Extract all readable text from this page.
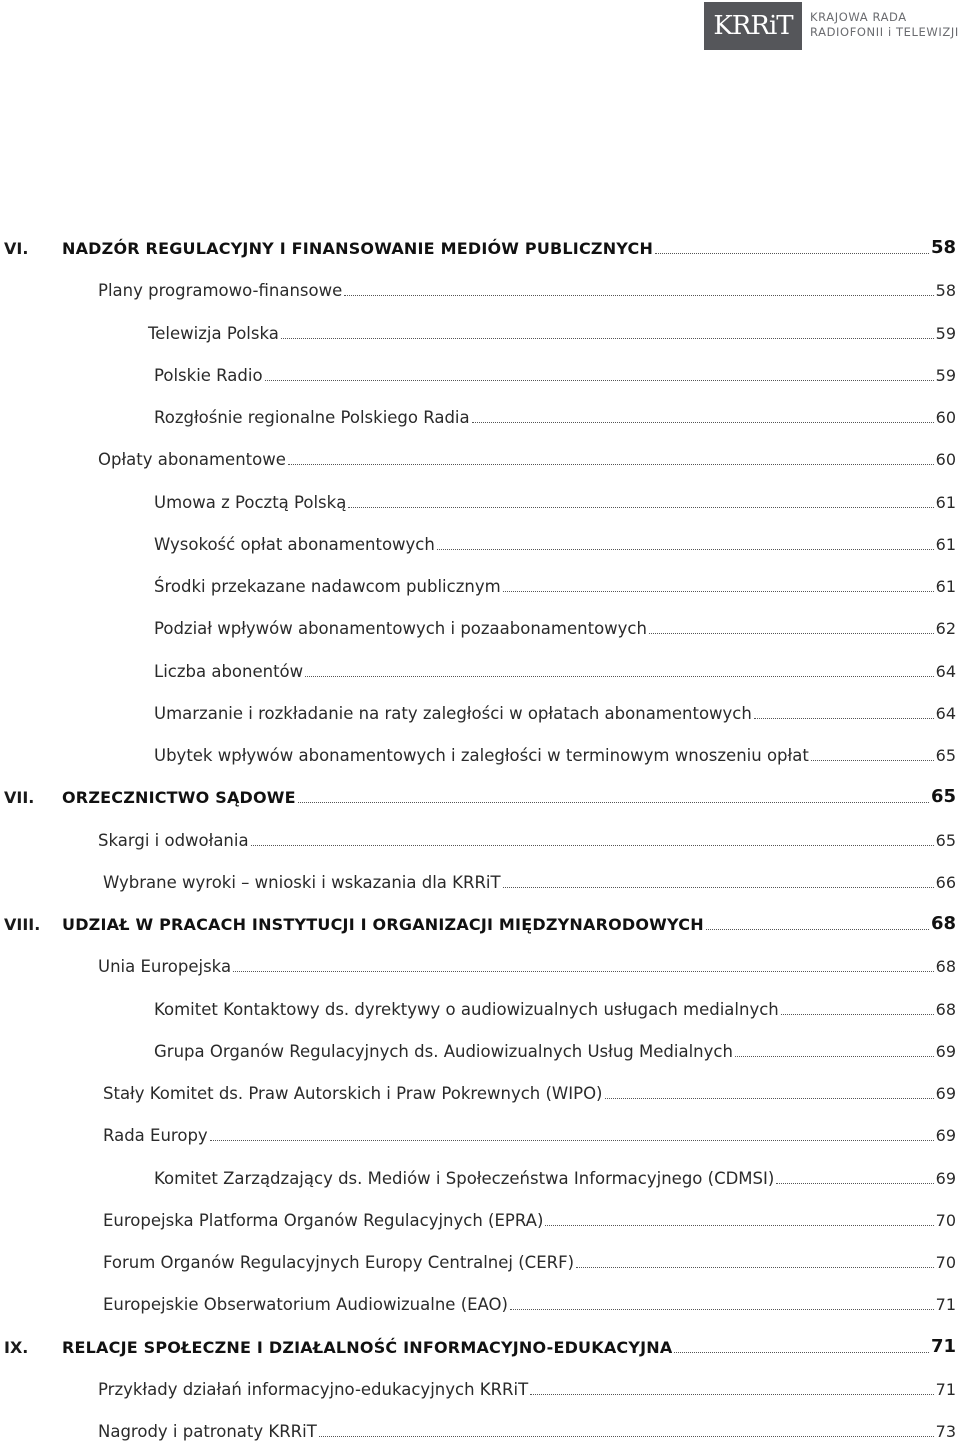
KRRiT	KRAJOWA RADA
RADIOFONII i TELEWIZJI
VI. NADZÓR REGULACYJNY I FINANSOWANIE MEDIÓW PUBLICZNYCH	58
Plany programowo-finansowe	58
Telewizja Polska	59
Polskie Radio	59
Rozgłośnie regionalne Polskiego Radia	60
Opłaty abonamentowe	60
Umowa z Pocztą Polską	61
Wysokość opłat abonamentowych	61
Środki przekazane nadawcom publicznym	61
Podział wpływów abonamentowych i pozaabonamentowych	62
Liczba abonentów	64
Umarzanie i rozkładanie na raty zaległości w opłatach abonamentowych	64
Ubytek wpływów abonamentowych i zaległości w terminowym wnoszeniu opłat	65
VII. ORZECZNICTWO SĄDOWE	65
Skargi i odwołania	65
Wybrane wyroki – wnioski i wskazania dla KRRiT	66
VIII. UDZIAŁ W PRACACH INSTYTUCJI I ORGANIZACJI MIĘDZYNARODOWYCH	68
Unia Europejska	68
Komitet Kontaktowy ds. dyrektywy o audiowizualnych usługach medialnych	68
Grupa Organów Regulacyjnych ds. Audiowizualnych Usług Medialnych	69
Stały Komitet ds. Praw Autorskich i Praw Pokrewnych (WIPO)	69
Rada Europy	69
Komitet Zarządzający ds. Mediów i Społeczeństwa Informacyjnego (CDMSI)	69
Europejska Platforma Organów Regulacyjnych (EPRA)	70
Forum Organów Regulacyjnych Europy Centralnej (CERF)	70
Europejskie Obserwatorium Audiowizualne (EAO)	71
IX. RELACJE SPOŁECZNE I DZIAŁALNOŚĆ INFORMACYJNO-EDUKACYJNA	71
Przykłady działań informacyjno-edukacyjnych KRRiT	71
Nagrody i patronaty KRRiT	73
